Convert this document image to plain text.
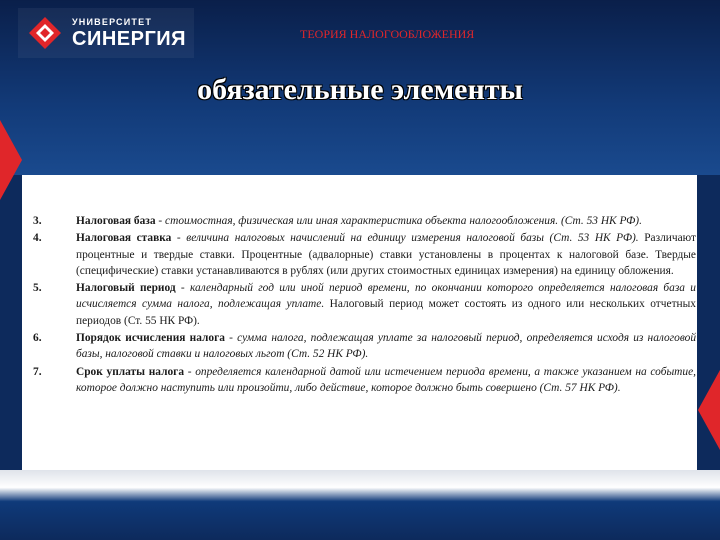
УНИВЕРСИТЕТ
СИНЕРГИЯ	ТЕОРИЯ НАЛОГООБЛОЖЕНИЯ
обязательные элементы
3.	Налоговая база - стоимостная, физическая или иная характеристика объекта налогообложения. (Ст. 53 НК РФ).
4.	Налоговая ставка - величина налоговых начислений на единицу измерения налоговой базы (Ст. 53 НК РФ). Различают процентные и твердые ставки. Процентные (адвалорные) ставки установлены в процентах к налоговой базе. Твердые (специфические) ставки устанавливаются в рублях (или других стоимостных единицах измерения) на единицу обложения.
5.	Налоговый период - календарный год или иной период времени, по окончании которого определяется налоговая база и исчисляется сумма налога, подлежащая уплате. Налоговый период может состоять из одного или нескольких отчетных периодов (Ст. 55 НК РФ).
6.	Порядок исчисления налога - сумма налога, подлежащая уплате за налоговый период, определяется исходя из налоговой базы, налоговой ставки и налоговых льгот (Ст. 52 НК РФ).
7.	Срок уплаты налога - определяется календарной датой или истечением периода времени, а также указанием на событие, которое должно наступить или произойти, либо действие, которое должно быть совершено (Ст. 57 НК РФ).
